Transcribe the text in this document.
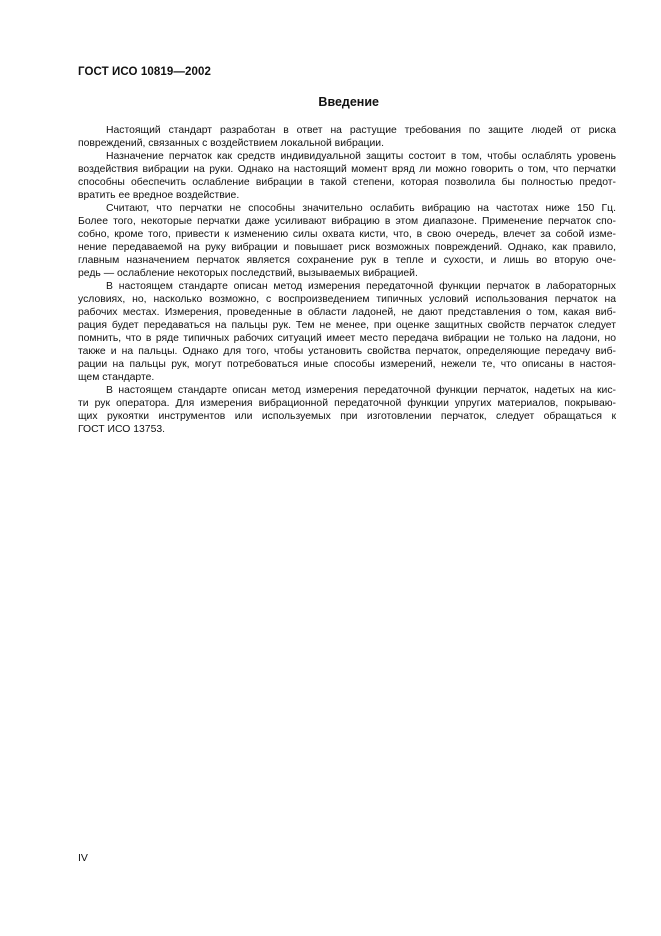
ГОСТ ИСО 10819—2002
Введение
Настоящий стандарт разработан в ответ на растущие требования по защите людей от риска
повреждений, связанных с воздействием локальной вибрации.
Назначение перчаток как средств индивидуальной защиты состоит в том, чтобы ослаблять уровень
воздействия вибрации на руки. Однако на настоящий момент вряд ли можно говорить о том, что перчатки
способны обеспечить ослабление вибрации в такой степени, которая позволила бы полностью предот-
вратить ее вредное воздействие.
Считают, что перчатки не способны значительно ослабить вибрацию на частотах ниже 150 Гц.
Более того, некоторые перчатки даже усиливают вибрацию в этом диапазоне. Применение перчаток спо-
собно, кроме того, привести к изменению силы охвата кисти, что, в свою очередь, влечет за собой изме-
нение передаваемой на руку вибрации и повышает риск возможных повреждений. Однако, как правило,
главным назначением перчаток является сохранение рук в тепле и сухости, и лишь во вторую оче-
редь — ослабление некоторых последствий, вызываемых вибрацией.
В настоящем стандарте описан метод измерения передаточной функции перчаток в лабораторных
условиях, но, насколько возможно, с воспроизведением типичных условий использования перчаток на
рабочих местах. Измерения, проведенные в области ладоней, не дают представления о том, какая виб-
рация будет передаваться на пальцы рук. Тем не менее, при оценке защитных свойств перчаток следует
помнить, что в ряде типичных рабочих ситуаций имеет место передача вибрации не только на ладони, но
также и на пальцы. Однако для того, чтобы установить свойства перчаток, определяющие передачу виб-
рации на пальцы рук, могут потребоваться иные способы измерений, нежели те, что описаны в настоя-
щем стандарте.
В настоящем стандарте описан метод измерения передаточной функции перчаток, надетых на кис-
ти рук оператора. Для измерения вибрационной передаточной функции упругих материалов, покрываю-
щих рукоятки инструментов или используемых при изготовлении перчаток, следует обращаться к
ГОСТ ИСО 13753.
IV
